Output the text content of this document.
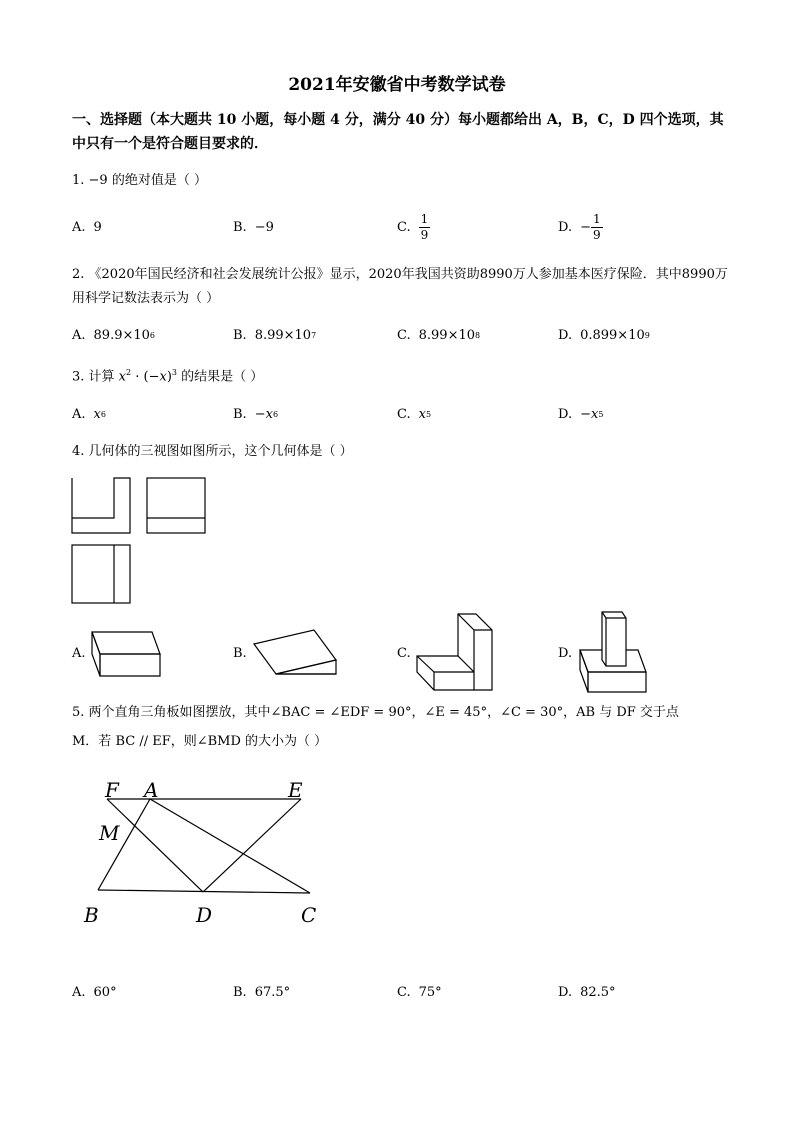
2021年安徽省中考数学试卷
一、选择题（本大题共 10 小题，每小题 4 分，满分 40 分）每小题都给出 A，B，C，D 四个选项，其中只有一个是符合题目要求的．
1. −9 的绝对值是（ ）
A. 9	B. −9	C. $\frac{1}{9}$	D. − $\frac{1}{9}$
2. 《2020年国民经济和社会发展统计公报》显示，2020年我国共资助8990万人参加基本医疗保险．其中8990万用科学记数法表示为（ ）
A. 89.9×10 6	B. 8.99×10 7	C. 8.99×10 8	D. 0.899×10 9
3. 计算 $x^2 \cdot (-x)^3$ 的结果是（ ）
A. x 6	B. − x 6	C. x 5	D. − x 5
4. 几何体的三视图如图所示，这个几何体是（ ）
A.	B.	C.	D.
5. 两个直角三角板如图摆放，其中∠BAC = ∠EDF = 90°，∠E = 45°，∠C = 30°，AB 与 DF 交于点
M．若 BC // EF，则∠BMD 的大小为（ ）
F A	E
M
B	D	C
A. 60°	B. 67.5°	C. 75°	D. 82.5°
